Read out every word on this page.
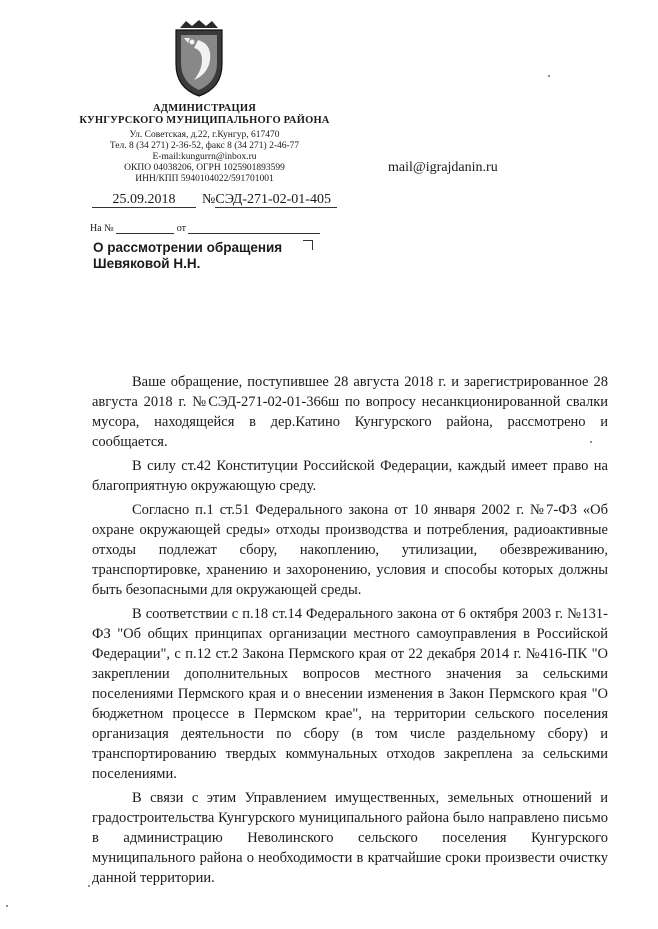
АДМИНИСТРАЦИЯ
КУНГУРСКОГО МУНИЦИПАЛЬНОГО РАЙОНА
Ул. Советская, д.22, г.Кунгур, 617470
Тел. 8 (34 271) 2-36-52, факс 8 (34 271) 2-46-77
E-mail:kungurrn@inbox.ru
ОКПО 04038206, ОГРН 1025901893599
ИНН/КПП 5940104022/591701001
mail@igrajdanin.ru
25.09.2018 №СЭД-271-02-01-405
На №	от
О рассмотрении обращения
Шевяковой Н.Н.

Ваше обращение, поступившее 28 августа 2018 г. и зарегистрированное 28 августа 2018 г. №СЭД-271-02-01-366ш по вопросу несанкционированной свалки мусора, находящейся в дер.Катино Кунгурского района, рассмотрено и сообщается.

В силу ст.42 Конституции Российской Федерации, каждый имеет право на благоприятную окружающую среду.

Согласно п.1 ст.51 Федерального закона от 10 января 2002 г. №7-ФЗ «Об охране окружающей среды» отходы производства и потребления, радиоактивные отходы подлежат сбору, накоплению, утилизации, обезвреживанию, транспортировке, хранению и захоронению, условия и способы которых должны быть безопасными для окружающей среды.

В соответствии с п.18 ст.14 Федерального закона от 6 октября 2003 г. №131-ФЗ "Об общих принципах организации местного самоуправления в Российской Федерации", с п.12 ст.2 Закона Пермского края от 22 декабря 2014 г. №416-ПК "О закреплении дополнительных вопросов местного значения за сельскими поселениями Пермского края и о внесении изменения в Закон Пермского края "О бюджетном процессе в Пермском крае", на территории сельского поселения организация деятельности по сбору (в том числе раздельному сбору) и транспортированию твердых коммунальных отходов закреплена за сельскими поселениями.

В связи с этим Управлением имущественных, земельных отношений и градостроительства Кунгурского муниципального района было направлено письмо в администрацию Неволинского сельского поселения Кунгурского муниципального района о необходимости в кратчайшие сроки произвести очистку данной территории.
